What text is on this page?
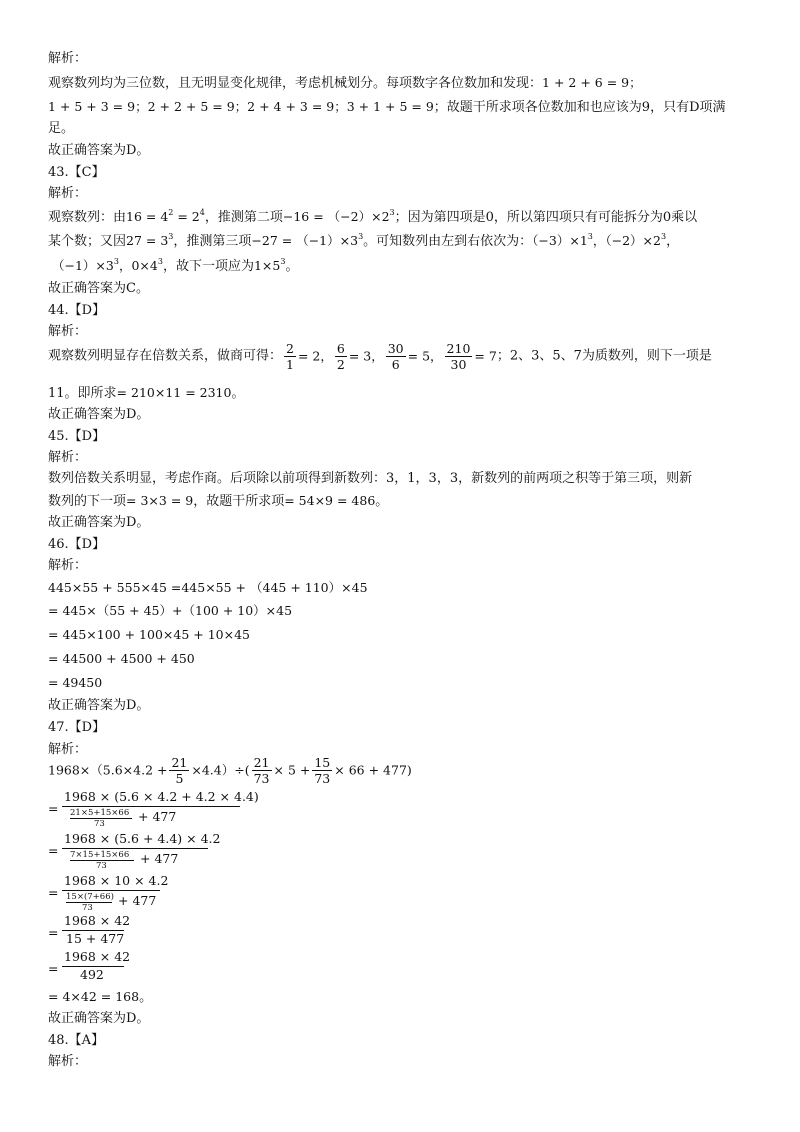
解析：
观察数列均为三位数，且无明显变化规律，考虑机械划分。每项数字各位数加和发现：1 + 2 + 6 = 9；
1 + 5 + 3 = 9；2 + 2 + 5 = 9；2 + 4 + 3 = 9；3 + 1 + 5 = 9；故题干所求项各位数加和也应该为9，只有D项满
足。
故正确答案为D。
43.【C】
解析：
观察数列：由$16 = 4^2 = 2^4$，推测第二项$-16 = (-2)\times 2^3$；因为第四项是0，所以第四项只有可能拆分为0乘以
某个数；又因$27 = 3^3$，推测第三项$-27 = (-1)\times 3^3$。可知数列由左到右依次为：$(-3)\times 1^3$，$(-2)\times 2^3$，
$(-1)\times 3^3$，$0\times 4^3$，故下一项应为$1\times 5^3$。
故正确答案为C。
44.【D】
解析：
观察数列明显存在倍数关系，做商可得： $\frac{2}{1} = 2$， $\frac{6}{2} = 3$， $\frac{30}{6} = 5$， $\frac{210}{30} = 7$；2、3、5、7为质数列，则下一项是
11。即所求= 210×11 = 2310。
故正确答案为D。
45.【D】
解析：
数列倍数关系明显，考虑作商。后项除以前项得到新数列：3，1，3，3，新数列的前两项之积等于第三项，则新
数列的下一项= 3×3 = 9，故题干所求项= 54×9 = 486。
故正确答案为D。
46.【D】
解析：
445×55 + 555×45 =445×55 + （445 + 110）×45
= 445×（55 + 45）+（100 + 10）×45
= 445×100 + 100×45 + 10×45
= 44500 + 4500 + 450
= 49450
故正确答案为D。
47.【D】
解析：
$1968\times(5.6\times 4.2 + \frac{21}{5} \times 4.4)\div( \frac{21}{73} \times 5 + \frac{15}{73} \times 66 + 477)$
=
1968 × (5.6 × 4.2 + 4.2 × 4.4)
21×5+15×66
73	+ 477
=
1968 × (5.6 + 4.4) × 4.2
7×15+15×66
73	+ 477
=
1968 × 10 × 4.2
15×(7+66)
73 + 477
=
1968 × 42
15 + 477
=
1968 × 42
492
= 4×42 = 168。
故正确答案为D。
48.【A】
解析：
